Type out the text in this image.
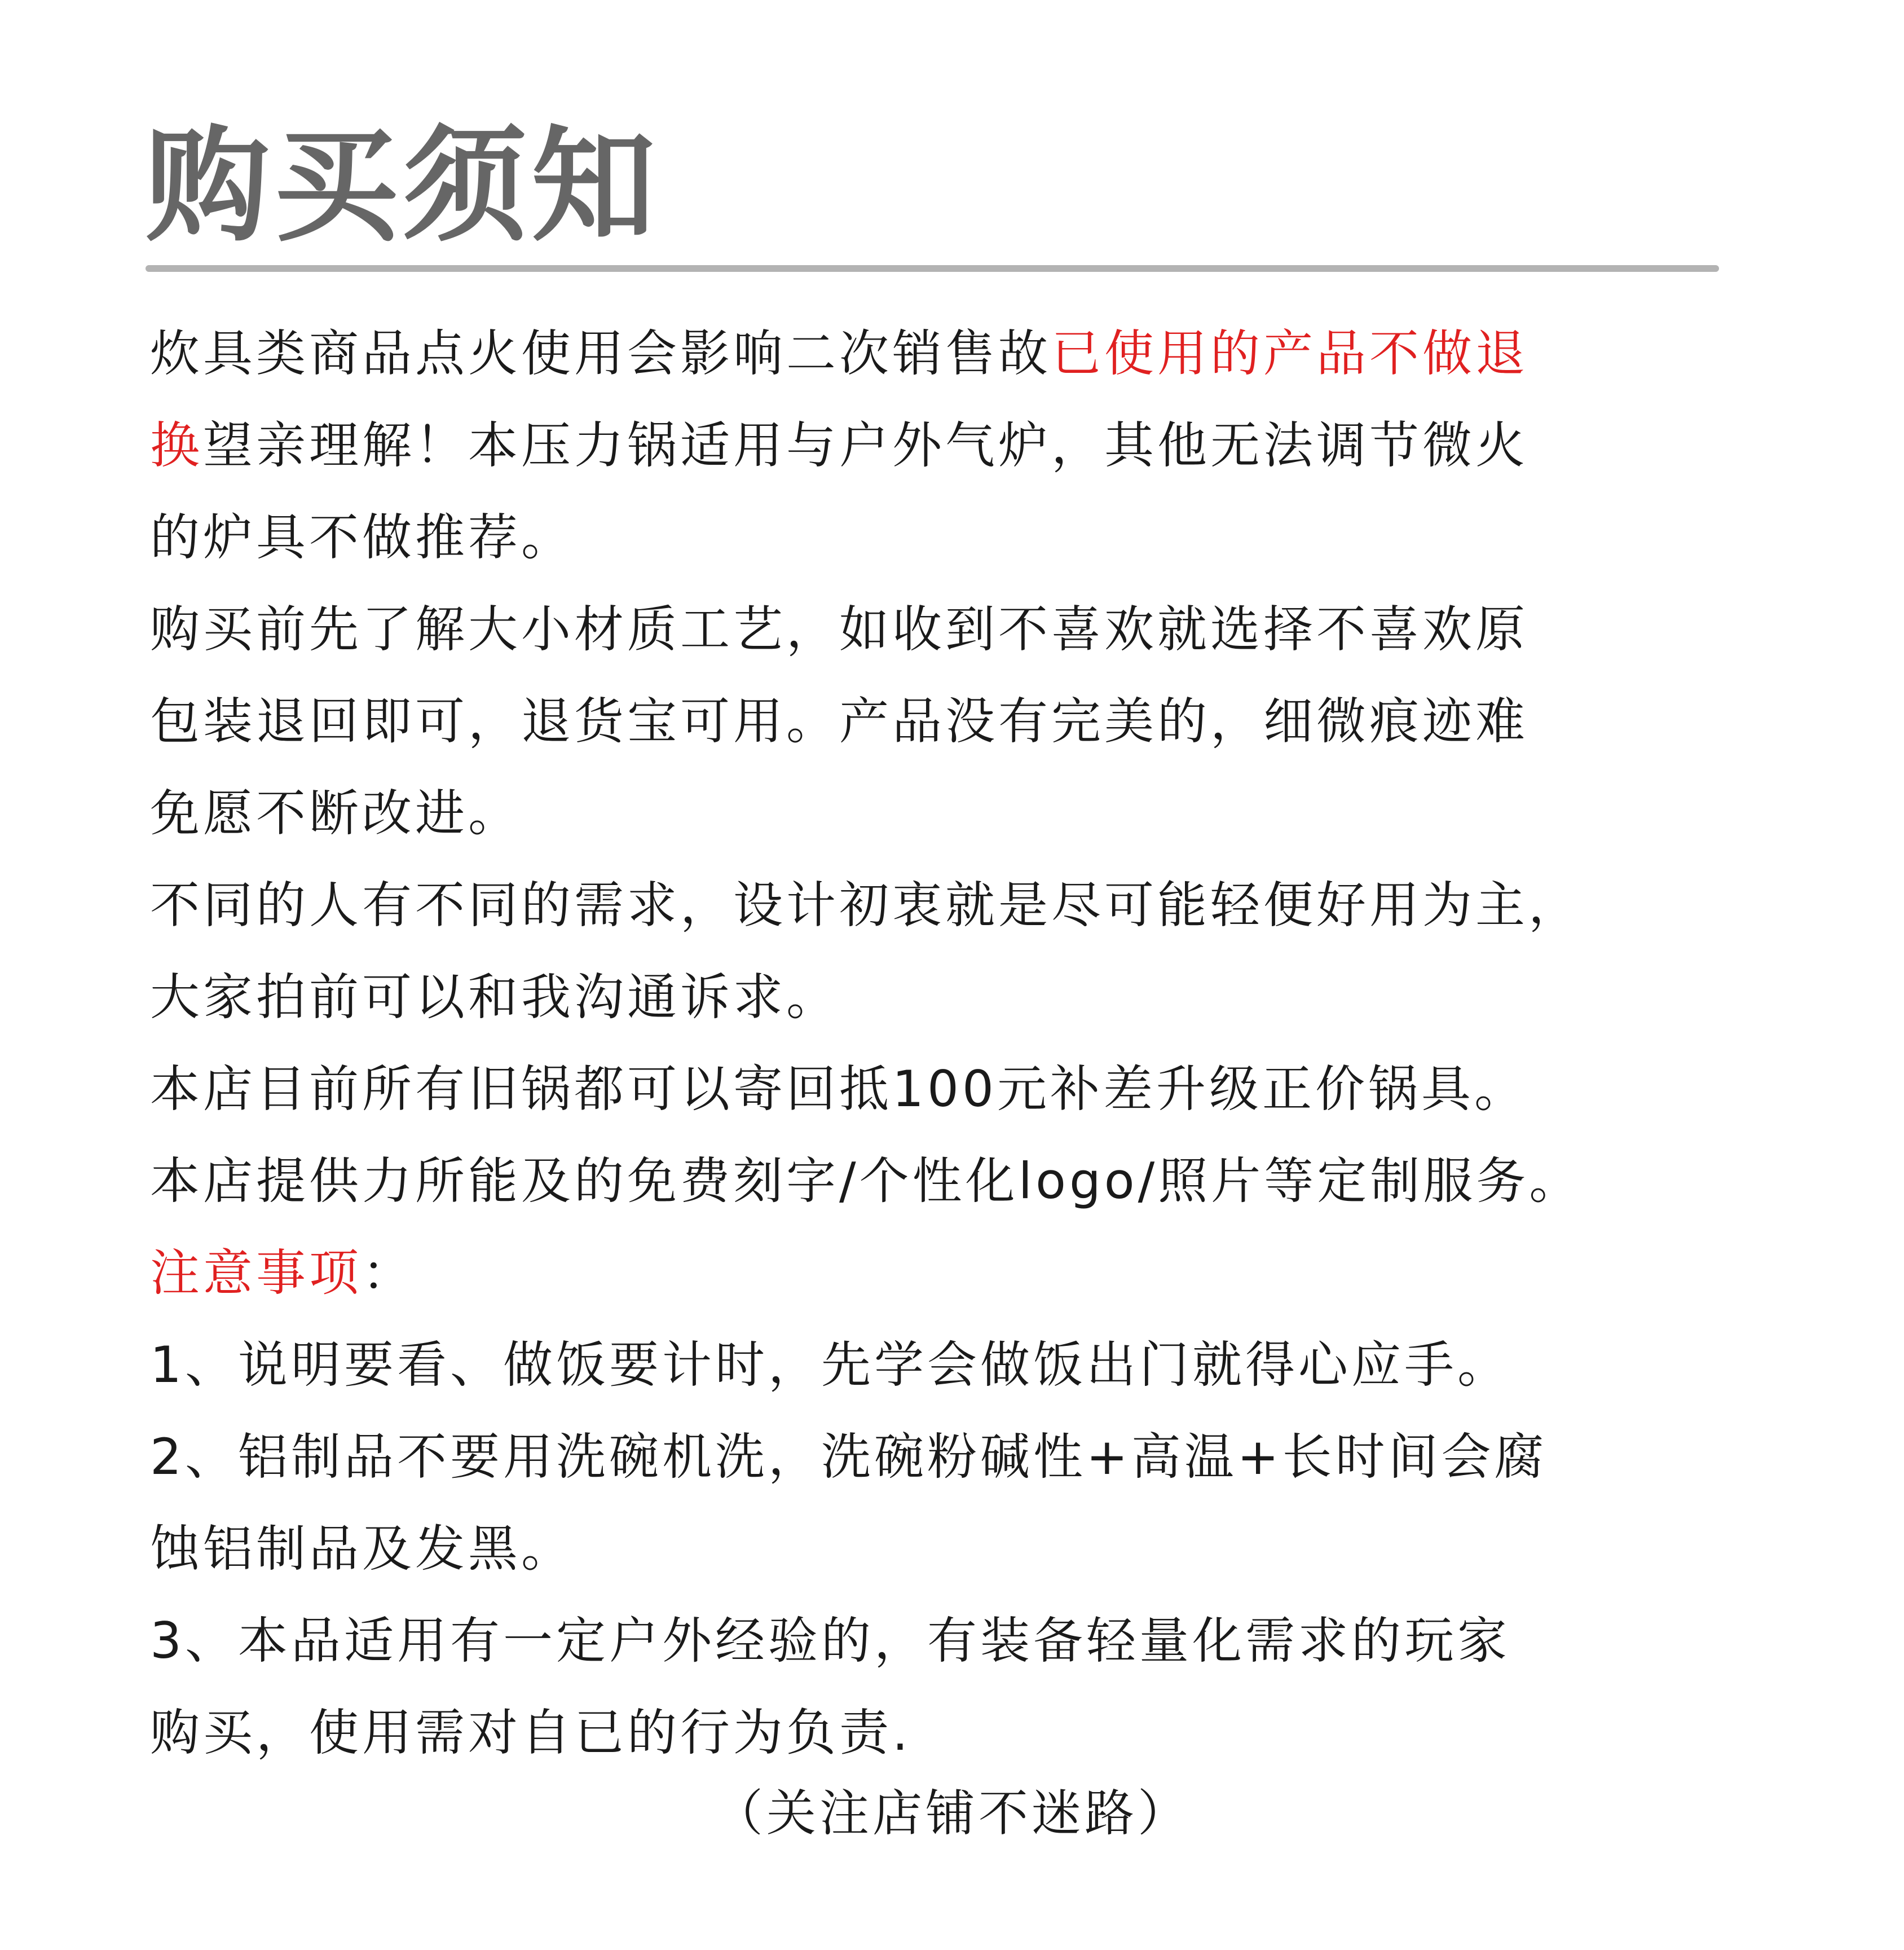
购买须知
炊具类商品点火使用会影响二次销售故已使用的产品不做退
换望亲理解！本压力锅适用与户外气炉，其他无法调节微火
的炉具不做推荐。
购买前先了解大小材质工艺，如收到不喜欢就选择不喜欢原
包装退回即可，退货宝可用。产品没有完美的，细微痕迹难
免愿不断改进。
不同的人有不同的需求，设计初衷就是尽可能轻便好用为主，
大家拍前可以和我沟通诉求。
本店目前所有旧锅都可以寄回抵100元补差升级正价锅具。
本店提供力所能及的免费刻字/个性化logo/照片等定制服务。
注意事项：
1、说明要看、做饭要计时，先学会做饭出门就得心应手。
2、铝制品不要用洗碗机洗，洗碗粉碱性+高温+长时间会腐
蚀铝制品及发黑。
3、本品适用有一定户外经验的，有装备轻量化需求的玩家
购买，使用需对自已的行为负责.
（关注店铺不迷路）
